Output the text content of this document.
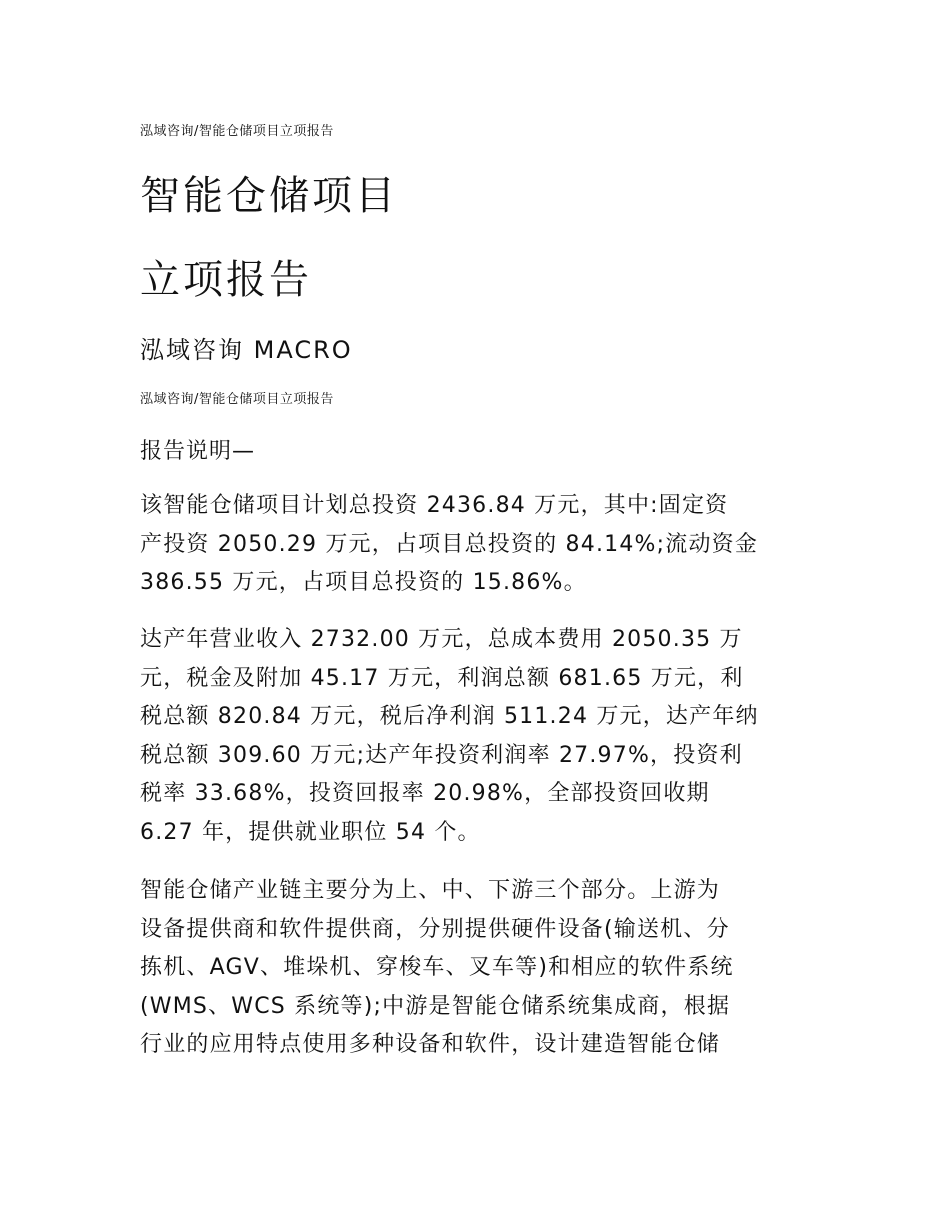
泓域咨询/智能仓储项目立项报告
智能仓储项目
立项报告
泓域咨询 MACRO
泓域咨询/智能仓储项目立项报告
报告说明—
该智能仓储项目计划总投资 2436.84 万元，其中:固定资
产投资 2050.29 万元，占项目总投资的 84.14%;流动资金
386.55 万元，占项目总投资的 15.86%。
达产年营业收入 2732.00 万元，总成本费用 2050.35 万
元，税金及附加 45.17 万元，利润总额 681.65 万元，利
税总额 820.84 万元，税后净利润 511.24 万元，达产年纳
税总额 309.60 万元;达产年投资利润率 27.97%，投资利
税率 33.68%，投资回报率 20.98%，全部投资回收期
6.27 年，提供就业职位 54 个。
智能仓储产业链主要分为上、中、下游三个部分。上游为
设备提供商和软件提供商，分别提供硬件设备(输送机、分
拣机、AGV、堆垛机、穿梭车、叉车等)和相应的软件系统
(WMS、WCS 系统等);中游是智能仓储系统集成商，根据
行业的应用特点使用多种设备和软件，设计建造智能仓储
